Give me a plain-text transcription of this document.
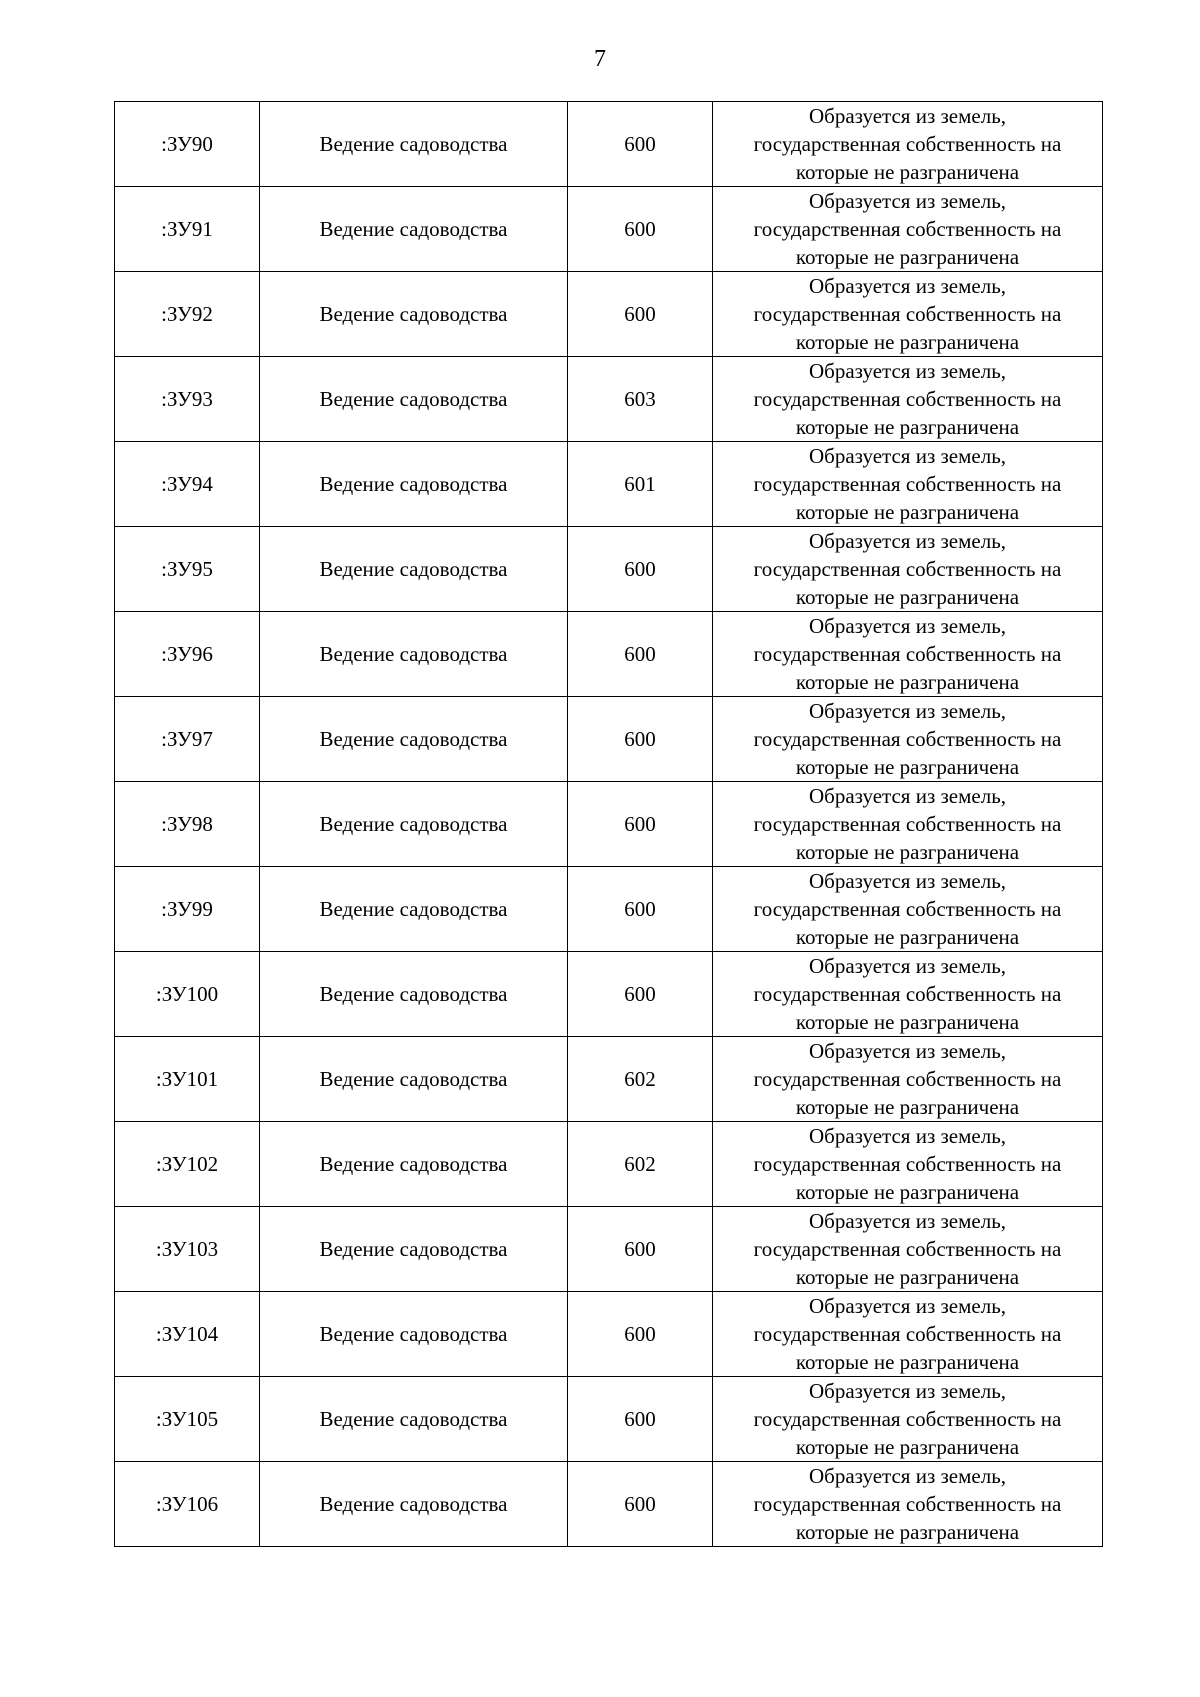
7
:ЗУ90	Ведение садоводства	600	Образуется из земель,
государственная собственность на
которые не разграничена

:ЗУ91	Ведение садоводства	600	Образуется из земель,
государственная собственность на
которые не разграничена

:ЗУ92	Ведение садоводства	600	Образуется из земель,
государственная собственность на
которые не разграничена

:ЗУ93	Ведение садоводства	603	Образуется из земель,
государственная собственность на
которые не разграничена

:ЗУ94	Ведение садоводства	601	Образуется из земель,
государственная собственность на
которые не разграничена

:ЗУ95	Ведение садоводства	600	Образуется из земель,
государственная собственность на
которые не разграничена

:ЗУ96	Ведение садоводства	600	Образуется из земель,
государственная собственность на
которые не разграничена

:ЗУ97	Ведение садоводства	600	Образуется из земель,
государственная собственность на
которые не разграничена

:ЗУ98	Ведение садоводства	600	Образуется из земель,
государственная собственность на
которые не разграничена

:ЗУ99	Ведение садоводства	600	Образуется из земель,
государственная собственность на
которые не разграничена

:ЗУ100	Ведение садоводства	600	Образуется из земель,
государственная собственность на
которые не разграничена

:ЗУ101	Ведение садоводства	602	Образуется из земель,
государственная собственность на
которые не разграничена

:ЗУ102	Ведение садоводства	602	Образуется из земель,
государственная собственность на
которые не разграничена

:ЗУ103	Ведение садоводства	600	Образуется из земель,
государственная собственность на
которые не разграничена

:ЗУ104	Ведение садоводства	600	Образуется из земель,
государственная собственность на
которые не разграничена

:ЗУ105	Ведение садоводства	600	Образуется из земель,
государственная собственность на
которые не разграничена

:ЗУ106	Ведение садоводства	600	Образуется из земель,
государственная собственность на
которые не разграничена
